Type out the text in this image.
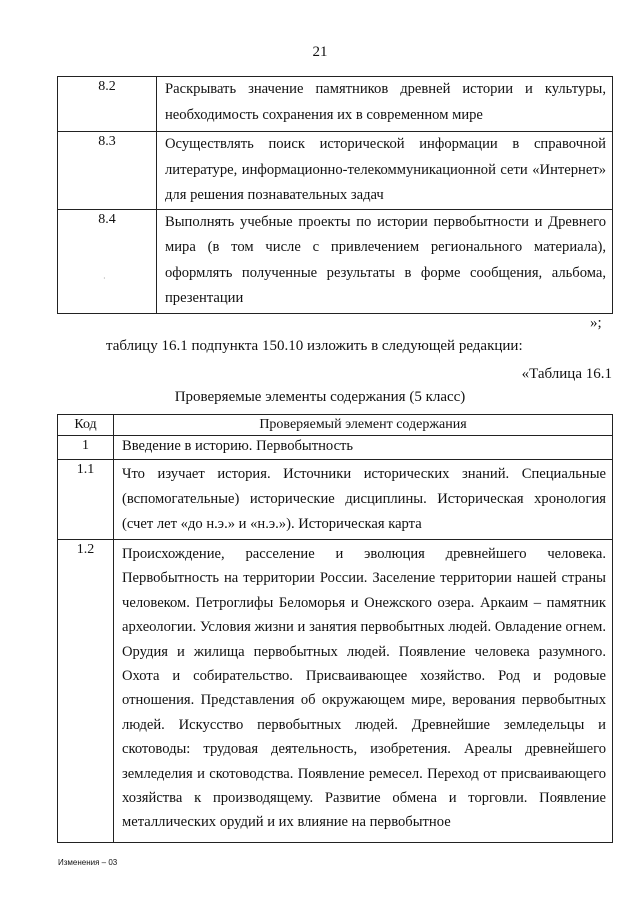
21
8.2	Раскрывать значение памятников древней истории и культуры, необходимость сохранения их в современном мире
8.3	Осуществлять поиск исторической информации в справочной литературе, информационно-телекоммуникационной сети «Интернет» для решения познавательных задач
8.4	Выполнять учебные проекты по истории первобытности и Древнего мира (в том числе с привлечением регионального материала), оформлять полученные результаты в форме сообщения, альбома, презентации
·
»;
таблицу 16.1 подпункта 150.10 изложить в следующей редакции:
«Таблица 16.1
Проверяемые элементы содержания (5 класс)
Код	Проверяемый элемент содержания
1	Введение в историю. Первобытность
1.1	Что изучает история. Источники исторических знаний. Специальные (вспомогательные) исторические дисциплины. Историческая хронология (счет лет «до н.э.» и «н.э.»). Историческая карта
1.2	Происхождение, расселение и эволюция древнейшего человека. Первобытность на территории России. Заселение территории нашей страны человеком. Петроглифы Беломорья и Онежского озера. Аркаим – памятник археологии. Условия жизни и занятия первобытных людей. Овладение огнем. Орудия и жилища первобытных людей. Появление человека разумного. Охота и собирательство. Присваивающее хозяйство. Род и родовые отношения. Представления об окружающем мире, верования первобытных людей. Искусство первобытных людей. Древнейшие земледельцы и скотоводы: трудовая деятельность, изобретения. Ареалы древнейшего земледелия и скотоводства. Появление ремесел. Переход от присваивающего хозяйства к производящему. Развитие обмена и торговли. Появление металлических орудий и их влияние на первобытное
Изменения – 03
